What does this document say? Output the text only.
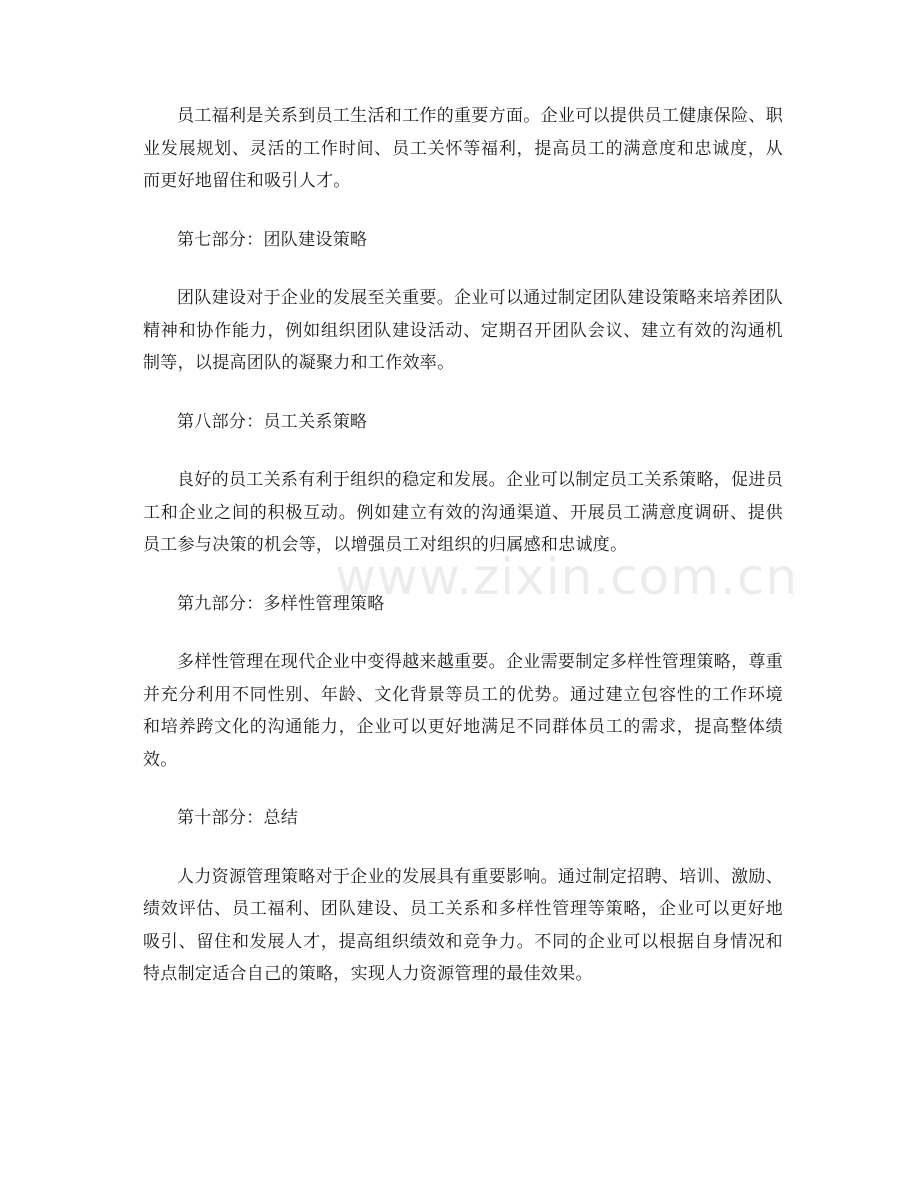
员工福利是关系到员工生活和工作的重要方面。企业可以提供员工健康保险、职业发展规划、灵活的工作时间、员工关怀等福利，提高员工的满意度和忠诚度，从而更好地留住和吸引人才。

第七部分：团队建设策略

团队建设对于企业的发展至关重要。企业可以通过制定团队建设策略来培养团队精神和协作能力，例如组织团队建设活动、定期召开团队会议、建立有效的沟通机制等，以提高团队的凝聚力和工作效率。

第八部分：员工关系策略

良好的员工关系有利于组织的稳定和发展。企业可以制定员工关系策略，促进员工和企业之间的积极互动。例如建立有效的沟通渠道、开展员工满意度调研、提供员工参与决策的机会等，以增强员工对组织的归属感和忠诚度。

第九部分：多样性管理策略

多样性管理在现代企业中变得越来越重要。企业需要制定多样性管理策略，尊重并充分利用不同性别、年龄、文化背景等员工的优势。通过建立包容性的工作环境和培养跨文化的沟通能力，企业可以更好地满足不同群体员工的需求，提高整体绩效。

第十部分：总结

人力资源管理策略对于企业的发展具有重要影响。通过制定招聘、培训、激励、绩效评估、员工福利、团队建设、员工关系和多样性管理等策略，企业可以更好地吸引、留住和发展人才，提高组织绩效和竞争力。不同的企业可以根据自身情况和特点制定适合自己的策略，实现人力资源管理的最佳效果。

www.zixin.com.cn
